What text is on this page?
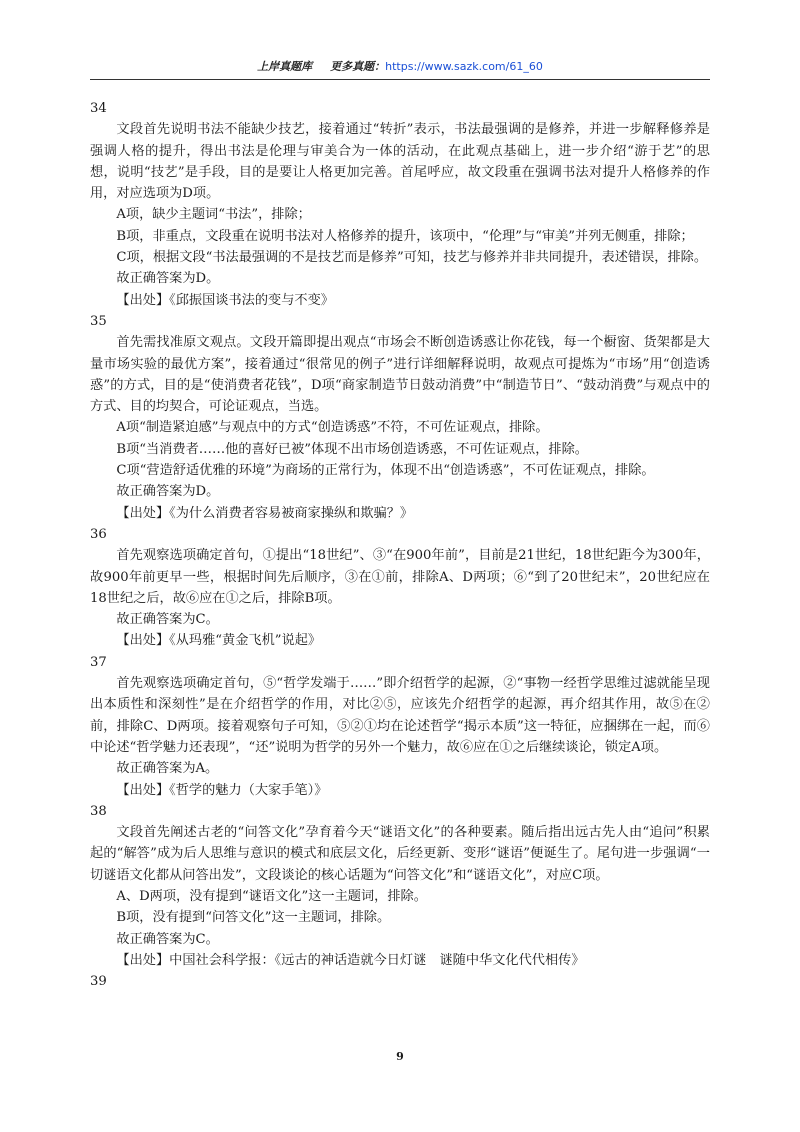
上岸真题库 更多真题：https://www.sazk.com/61_60

34

文段首先说明书法不能缺少技艺，接着通过“转折”表示，书法最强调的是修养，并进一步解释修养是强调人格的提升，得出书法是伦理与审美合为一体的活动，在此观点基础上，进一步介绍“游于艺”的思想，说明“技艺”是手段，目的是要让人格更加完善。首尾呼应，故文段重在强调书法对提升人格修养的作用，对应选项为D项。

A项，缺少主题词“书法”，排除；

B项，非重点，文段重在说明书法对人格修养的提升，该项中，“伦理”与“审美”并列无侧重，排除；

C项，根据文段“书法最强调的不是技艺而是修养”可知，技艺与修养并非共同提升，表述错误，排除。

故正确答案为D。

【出处】《邱振国谈书法的变与不变》

35

首先需找准原文观点。文段开篇即提出观点“市场会不断创造诱惑让你花钱，每一个橱窗、货架都是大量市场实验的最优方案”，接着通过“很常见的例子”进行详细解释说明，故观点可提炼为“市场”用“创造诱惑”的方式，目的是“使消费者花钱”，D项“商家制造节日鼓动消费”中“制造节日”、“鼓动消费”与观点中的方式、目的均契合，可论证观点，当选。

A项“制造紧迫感”与观点中的方式“创造诱惑”不符，不可佐证观点，排除。

B项“当消费者……他的喜好已被”体现不出市场创造诱惑，不可佐证观点，排除。

C项“营造舒适优雅的环境”为商场的正常行为，体现不出“创造诱惑”，不可佐证观点，排除。

故正确答案为D。

【出处】《为什么消费者容易被商家操纵和欺骗？》

36

首先观察选项确定首句，①提出“18世纪”、③“在900年前”，目前是21世纪，18世纪距今为300年，故900年前更早一些，根据时间先后顺序，③在①前，排除A、D两项；⑥“到了20世纪末”，20世纪应在18世纪之后，故⑥应在①之后，排除B项。

故正确答案为C。

【出处】《从玛雅“黄金飞机”说起》

37

首先观察选项确定首句，⑤“哲学发端于……”即介绍哲学的起源，②“事物一经哲学思维过滤就能呈现出本质性和深刻性”是在介绍哲学的作用，对比②⑤，应该先介绍哲学的起源，再介绍其作用，故⑤在②前，排除C、D两项。接着观察句子可知，⑤②①均在论述哲学“揭示本质”这一特征，应捆绑在一起，而⑥中论述“哲学魅力还表现”，“还”说明为哲学的另外一个魅力，故⑥应在①之后继续谈论，锁定A项。

故正确答案为A。

【出处】《哲学的魅力（大家手笔）》

38

文段首先阐述古老的“问答文化”孕育着今天“谜语文化”的各种要素。随后指出远古先人由“追问”积累起的“解答”成为后人思维与意识的模式和底层文化，后经更新、变形“谜语”便诞生了。尾句进一步强调“一切谜语文化都从问答出发”，文段谈论的核心话题为“问答文化”和“谜语文化”，对应C项。

A、D两项，没有提到“谜语文化”这一主题词，排除。

B项，没有提到“问答文化”这一主题词，排除。

故正确答案为C。

【出处】中国社会科学报：《远古的神话造就今日灯谜　谜随中华文化代代相传》

39

9
